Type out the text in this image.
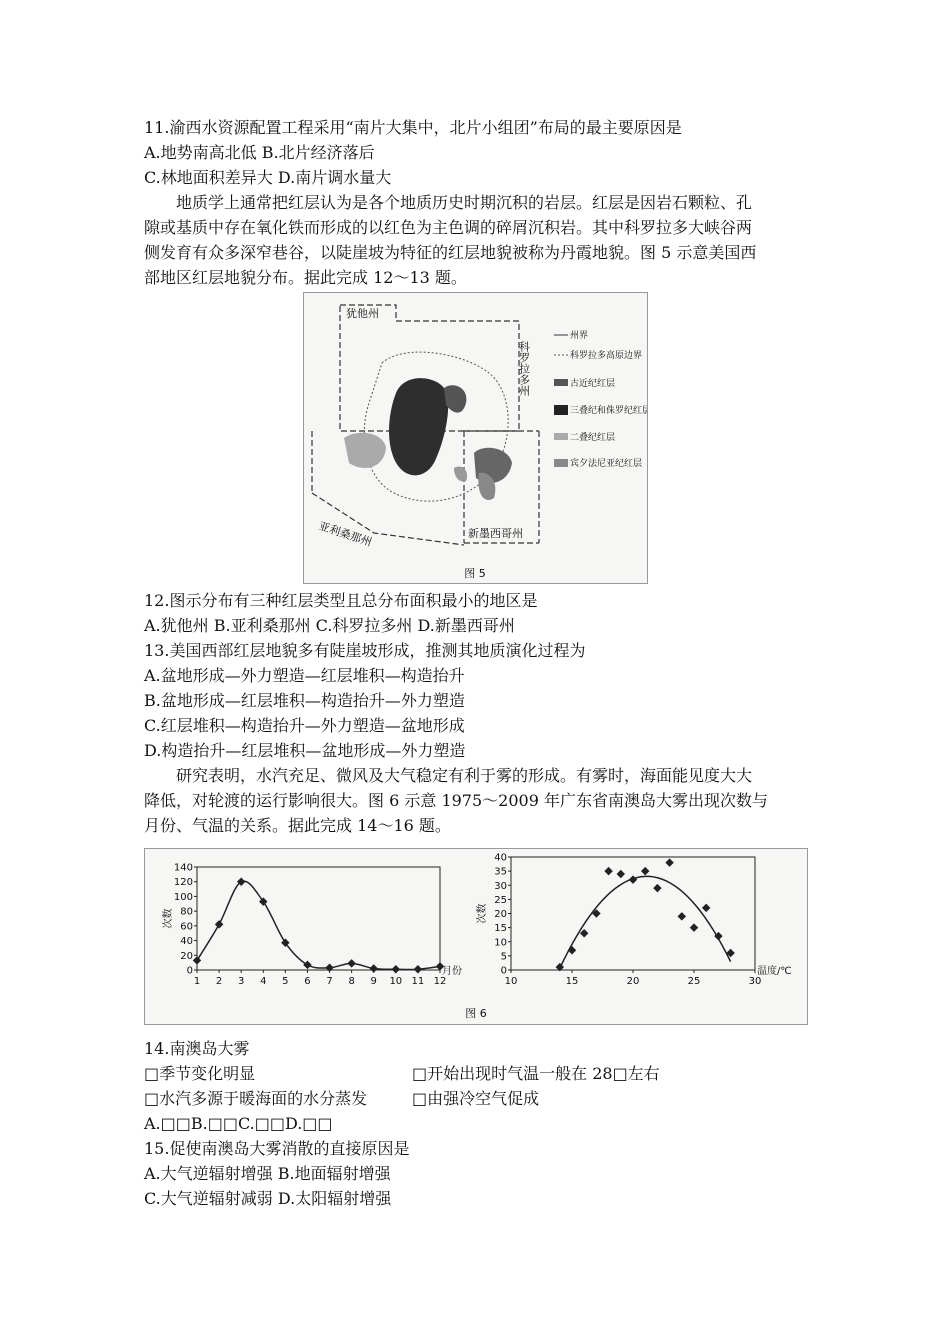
11.渝西水资源配置工程采用“南片大集中，北片小组团”布局的最主要原因是
A.地势南高北低 B.北片经济落后
C.林地面积差异大 D.南片调水量大
地质学上通常把红层认为是各个地质历史时期沉积的岩层。红层是因岩石颗粒、孔
隙或基质中存在氧化铁而形成的以红色为主色调的碎屑沉积岩。其中科罗拉多大峡谷两
侧发育有众多深窄巷谷，以陡崖坡为特征的红层地貌被称为丹霞地貌。图 5 示意美国西
部地区红层地貌分布。据此完成 12～13 题。
犹他州
亚利桑那州	新墨西哥州
科罗拉多州
州界
科罗拉多高原边界
古近纪红层
三叠纪和侏罗纪红层
二叠纪红层
宾夕法尼亚纪红层
图 5
12.图示分布有三种红层类型且总分布面积最小的地区是
A.犹他州 B.亚利桑那州 C.科罗拉多州 D.新墨西哥州
13.美国西部红层地貌多有陡崖坡形成，推测其地质演化过程为
A.盆地形成—外力塑造—红层堆积—构造抬升
B.盆地形成—红层堆积—构造抬升—外力塑造
C.红层堆积—构造抬升—外力塑造—盆地形成
D.构造抬升—红层堆积—盆地形成—外力塑造
研究表明，水汽充足、微风及大气稳定有利于雾的形成。有雾时，海面能见度大大
降低，对轮渡的运行影响很大。图 6 示意 1975～2009 年广东省南澳岛大雾出现次数与
月份、气温的关系。据此完成 14～16 题。
0
20
40
60
80
100
120
140
1 2 3 4 5 6 7 8 9 10 11 12
月份
次数
0
5
10
15
20
25
30
35
40
10	15	20	25	30
温度/℃
次数
图 6
14.南澳岛大雾
□季节变化明显	□开始出现时气温一般在 28□左右
□水汽多源于暖海面的水分蒸发	□由强冷空气促成
A.□□B.□□C.□□D.□□
15.促使南澳岛大雾消散的直接原因是
A.大气逆辐射增强 B.地面辐射增强
C.大气逆辐射减弱 D.太阳辐射增强
